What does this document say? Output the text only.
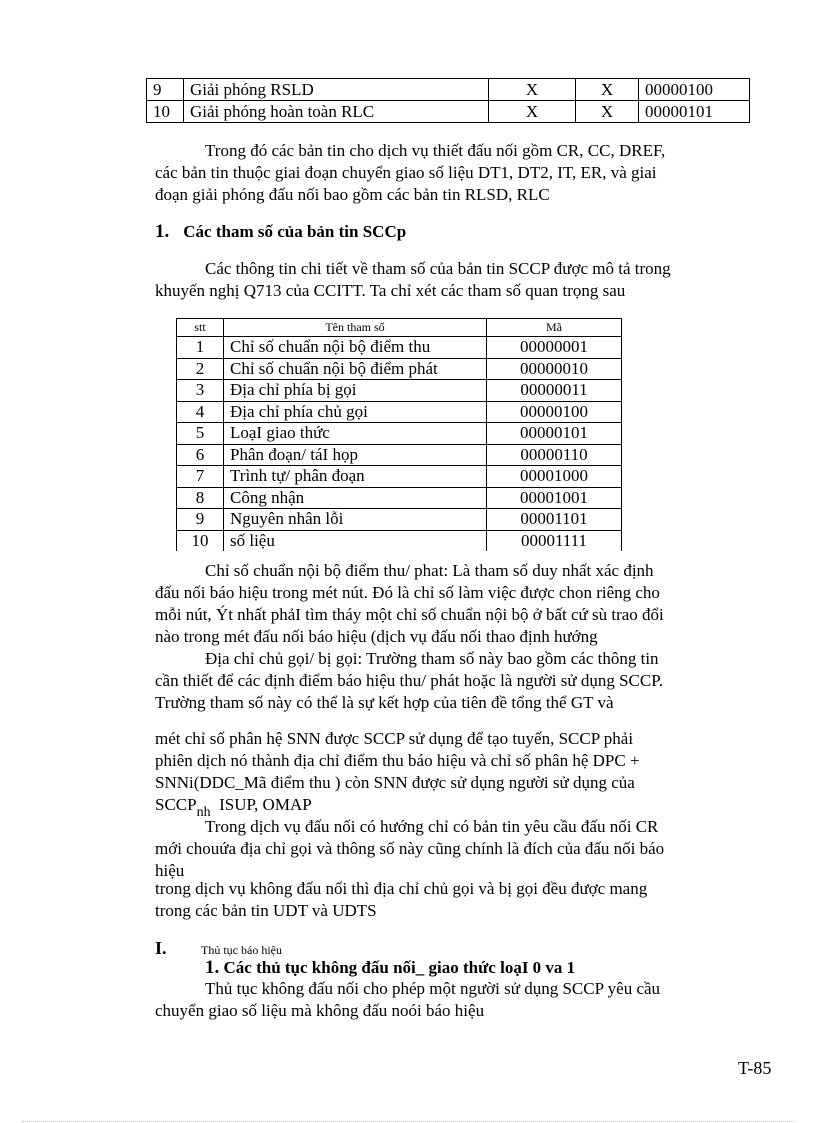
9	Giải phóng RSLD	X	X	00000100
10	Giải phóng hoàn toàn RLC	X	X	00000101

Trong đó các bản tin cho dịch vụ thiết đấu nối gồm CR, CC, DREF,

các bản tin thuộc giai đoạn chuyển giao số liệu DT1, DT2, IT, ER, và giai

đoạn giải phóng đấu nối bao gồm các bản tin RLSD, RLC

1. Các tham số của bản tin SCCp

Các thông tin chi tiết về tham số của bản tin SCCP được mô tả trong

khuyến nghị Q713 của CCITT. Ta chỉ xét các tham số quan trọng sau

stt	Tên tham số	Mã
1	Chỉ số chuẩn nội bộ điểm thu	00000001
2	Chỉ số chuẩn nội bộ điểm phát	00000010
3	Địa chỉ phía bị gọi	00000011
4	Địa chỉ phía chủ gọi	00000100
5	LoạI giao thức	00000101
6	Phân đoạn/ táI họp	00000110
7	Trình tự/ phân đoạn	00001000
8	Công nhận	00001001
9	Nguyên nhân lỗi	00001101
10	số liệu	00001111

Chỉ số chuẩn nội bộ điểm thu/ phat: Là tham số duy nhất xác định

đấu nối báo hiệu trong mét nút. Đó là chỉ số làm việc được chon riêng cho

mỗi nút, Ýt nhất phảI tìm tháy một chỉ số chuẩn nội bộ ở bất cứ sù trao đổi

nào trong mét đấu nối báo hiệu (dịch vụ đấu nối thao định hướng

Địa chỉ chủ gọi/ bị gọi: Trường tham số này bao gồm các thông tin

cần thiết để các định điểm báo hiệu thu/ phát hoặc là người sử dụng SCCP.

Trường tham số này có thể là sự kết hợp của tiên đề tổng thể GT và

mét chỉ số phân hệ SNN được SCCP sử dụng để tạo tuyến, SCCP phải

phiên dịch nó thành địa chỉ điểm thu báo hiệu và chỉ số phân hệ DPC +

SNNi(DDC_Mã điểm thu ) còn SNN được sử dụng người sử dụng của

$SCCP_{nh}$ ISUP, OMAP

Trong dịch vụ đấu nối có hướng chỉ có bản tin yêu cầu đấu nối CR

mới chouứa địa chỉ gọi và thông số này cũng chính là đích của đấu nối báo

hiệu

trong dịch vụ không đấu nối thì địa chỉ chủ gọi và bị gọi đều được mang

trong các bản tin UDT và UDTS

I.	Thủ tục báo hiệu
1. Các thủ tục không đấu nối_ giao thức loạI 0 va 1

Thủ tục không đấu nối cho phép một người sử dụng SCCP yêu cầu

chuyển giao số liệu mà không đấu noói báo hiệu

T-85
